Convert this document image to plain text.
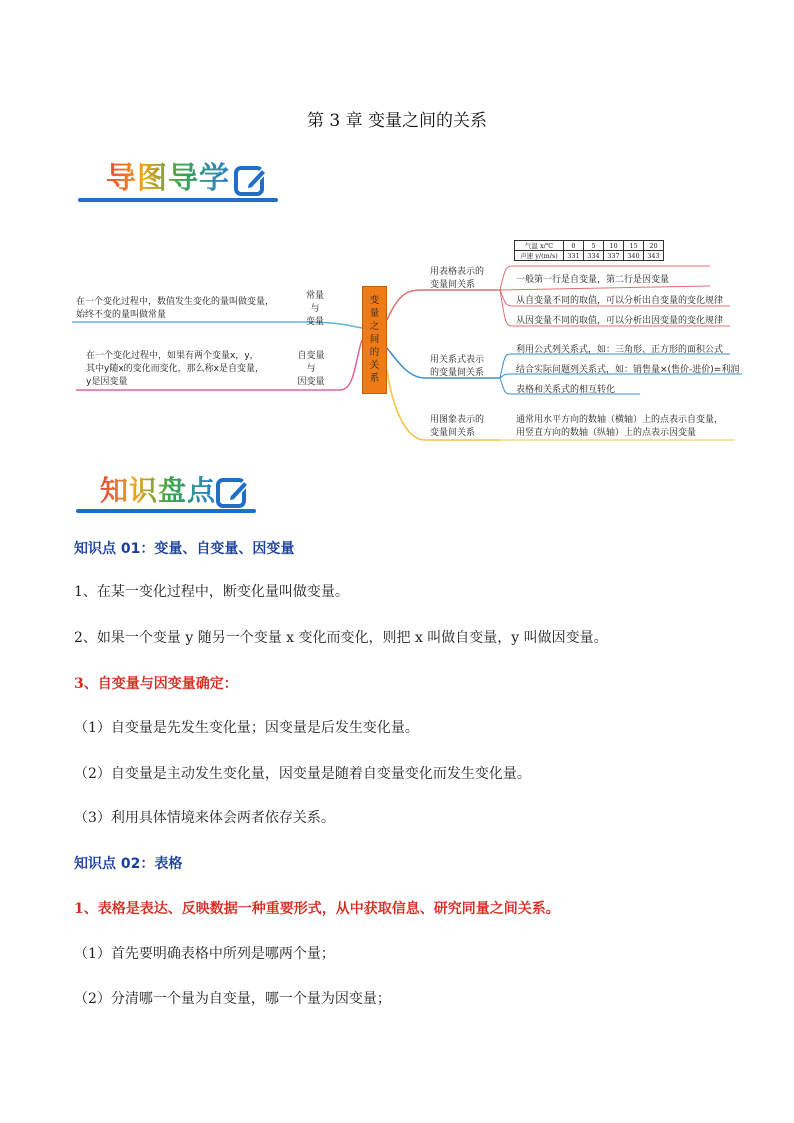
第 3 章 变量之间的关系
导图导学
变
量
之
间
的
关
系
在一个变化过程中，数值发生变化的量叫做变量，
始终不变的量叫做常量
常量
与
变量
在一个变化过程中，如果有两个变量x，y，
其中y随x的变化而变化，那么称x是自变量，
y是因变量
自变量
与
因变量
用表格表示的
变量间关系
气温 x/℃	0	5	10	15	20
声速 y/(m/s)	331	334	337	340	343
一般第一行是自变量，第二行是因变量
从自变量不同的取值，可以分析出自变量的变化规律
从因变量不同的取值，可以分析出因变量的变化规律
用关系式表示
的变量间关系
利用公式列关系式，如：三角形、正方形的面积公式
结合实际问题列关系式，如：销售量×(售价-进价)=利润
表格和关系式的相互转化
用图象表示的
变量间关系
通常用水平方向的数轴（横轴）上的点表示自变量，
用竖直方向的数轴（纵轴）上的点表示因变量
知识盘点
知识点 01：变量、自变量、因变量
1、在某一变化过程中，断变化量叫做变量。
2、如果一个变量 y 随另一个变量 x 变化而变化，则把 x 叫做自变量，y 叫做因变量。
3、自变量与因变量确定：
（1）自变量是先发生变化量；因变量是后发生变化量。
（2）自变量是主动发生变化量，因变量是随着自变量变化而发生变化量。
（3）利用具体情境来体会两者依存关系。
知识点 02：表格
1、表格是表达、反映数据一种重要形式，从中获取信息、研究同量之间关系。
（1）首先要明确表格中所列是哪两个量；
（2）分清哪一个量为自变量，哪一个量为因变量；
